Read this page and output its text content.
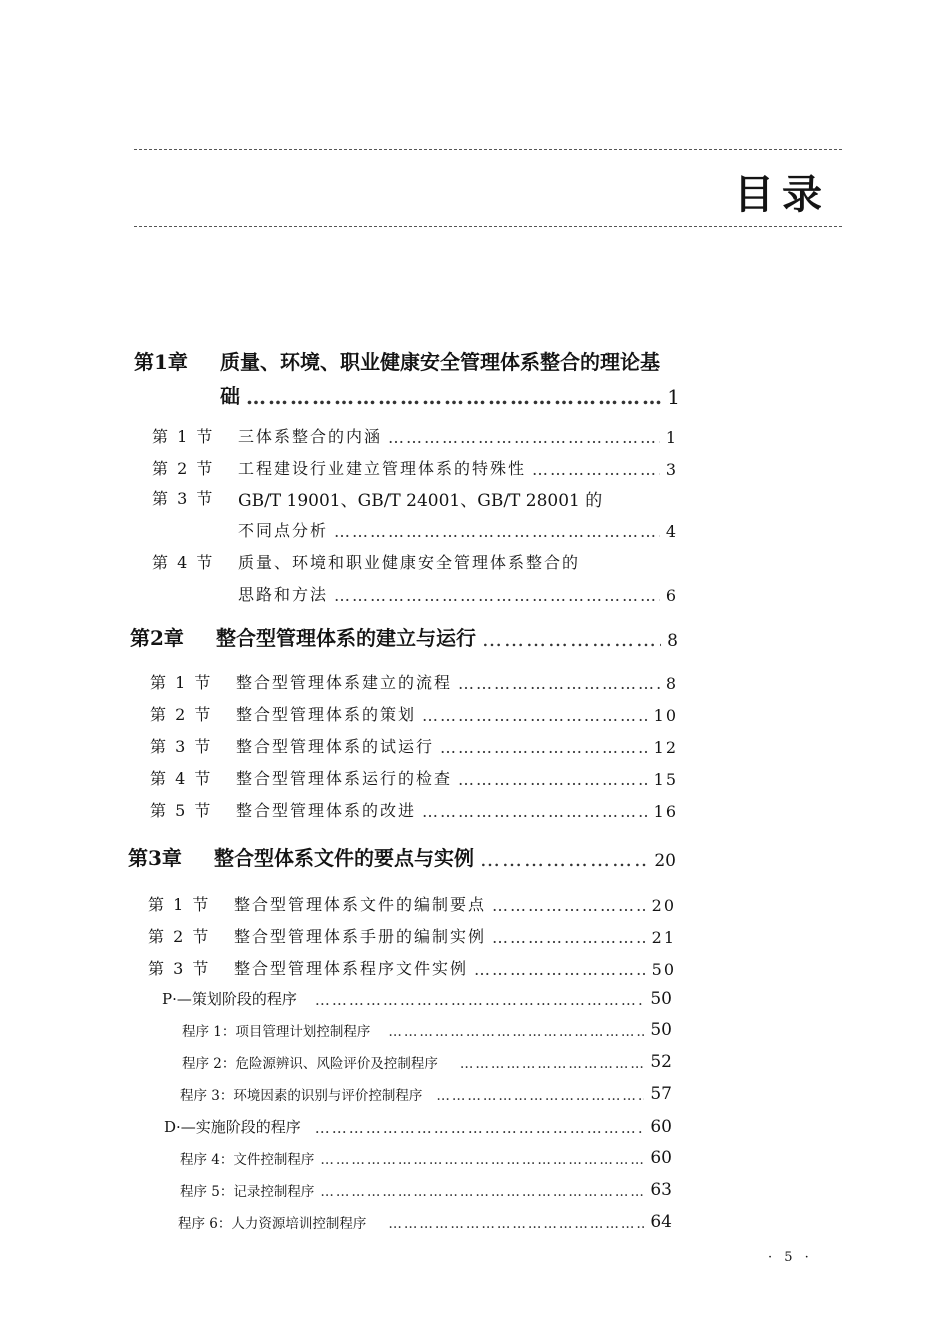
目录
第1章 质量、环境、职业健康安全管理体系整合的理论基
础 ……………………………………………………………………………………………………………………………………………………	1
第 1 节	三体系整合的内涵 ……………………………………………………………………………………………………………………………………………………	1
第 2 节	工程建设行业建立管理体系的特殊性 ……………………………………………………………………………………………………………………………………………………	3
第 3 节 GB/T 19001、GB/T 24001、GB/T 28001 的
不同点分析 ……………………………………………………………………………………………………………………………………………………	4
第 4 节 质量、环境和职业健康安全管理体系整合的
思路和方法 ……………………………………………………………………………………………………………………………………………………	6
第2章	整合型管理体系的建立与运行 ……………………………………………………………………………………………………………………………………………………	8
第 1 节	整合型管理体系建立的流程 ……………………………………………………………………………………………………………………………………………………	8
第 2 节	整合型管理体系的策划 ……………………………………………………………………………………………………………………………………………………	10
第 3 节	整合型管理体系的试运行 ……………………………………………………………………………………………………………………………………………………	12
第 4 节	整合型管理体系运行的检查 ……………………………………………………………………………………………………………………………………………………	15
第 5 节	整合型管理体系的改进 ……………………………………………………………………………………………………………………………………………………	16
第3章	整合型体系文件的要点与实例 ……………………………………………………………………………………………………………………………………………………	20
第 1 节	整合型管理体系文件的编制要点 ……………………………………………………………………………………………………………………………………………………	20
第 2 节	整合型管理体系手册的编制实例 ……………………………………………………………………………………………………………………………………………………	21
第 3 节	整合型管理体系程序文件实例 ……………………………………………………………………………………………………………………………………………………	50
P·—策划阶段的程序 ……………………………………………………………………………………………………………………………………………………	50
程序 1：项目管理计划控制程序 ……………………………………………………………………………………………………………………………………………………	50
程序 2：危险源辨识、风险评价及控制程序 ……………………………………………………………………………………………………………………………………………………	52
程序 3：环境因素的识别与评价控制程序 ……………………………………………………………………………………………………………………………………………………	57
D·—实施阶段的程序 ……………………………………………………………………………………………………………………………………………………	60
程序 4：文件控制程序 ……………………………………………………………………………………………………………………………………………………	60
程序 5：记录控制程序 ……………………………………………………………………………………………………………………………………………………	63
程序 6：人力资源培训控制程序 ……………………………………………………………………………………………………………………………………………………	64
· 5 ·
